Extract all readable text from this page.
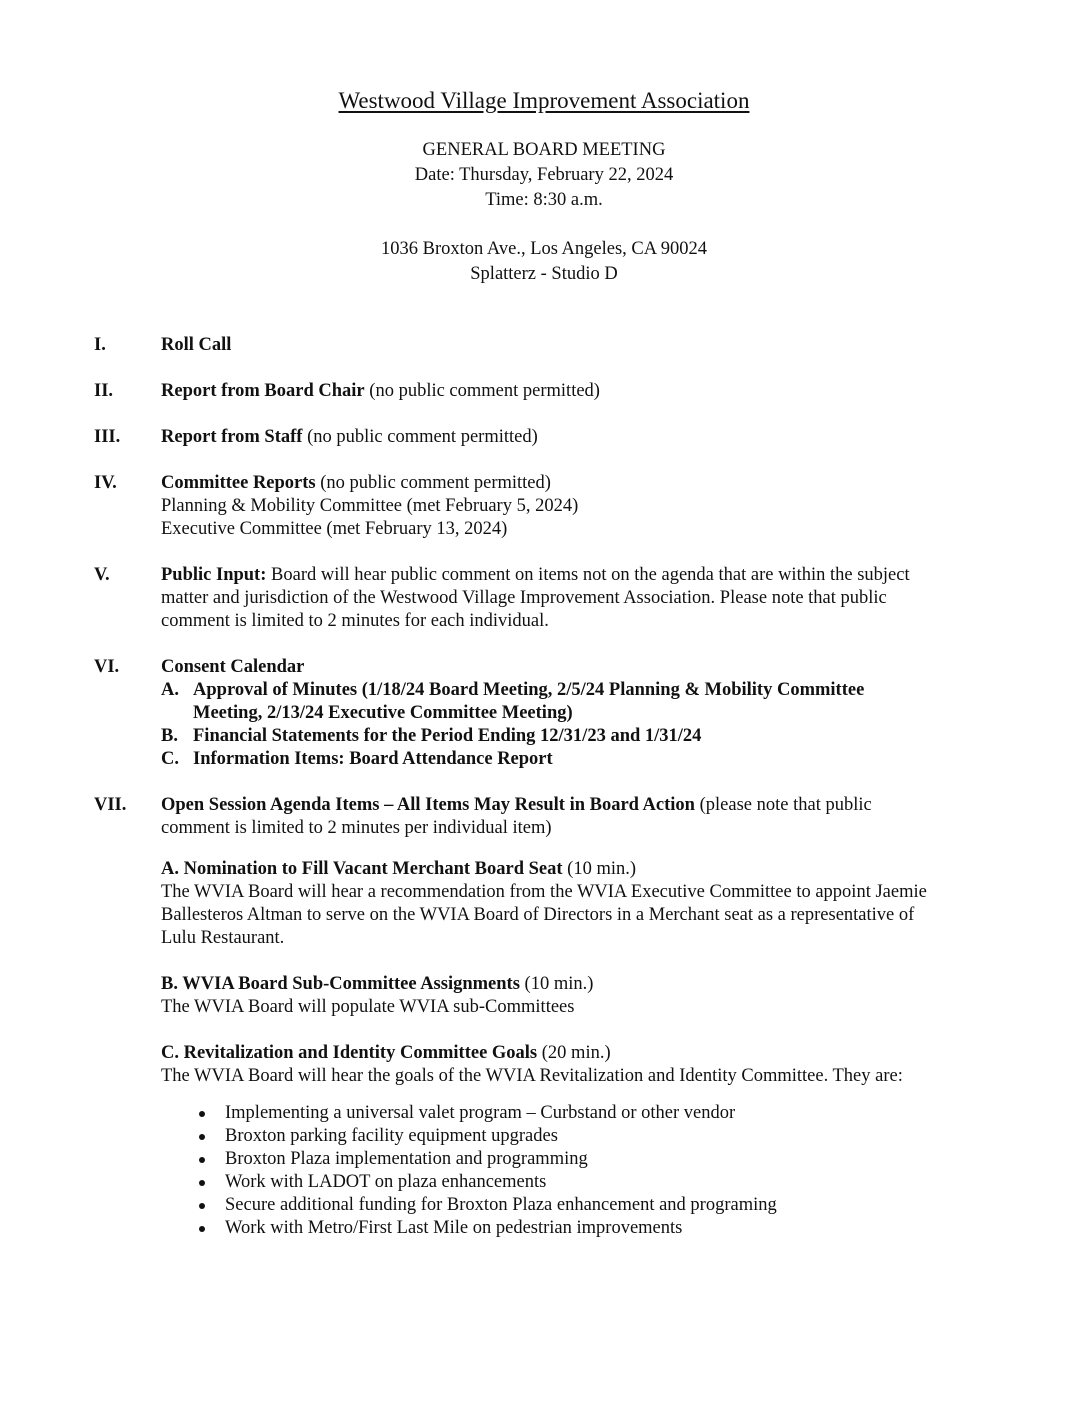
Westwood Village Improvement Association
GENERAL BOARD MEETING
Date: Thursday, February 22, 2024
Time: 8:30 a.m.
1036 Broxton Ave., Los Angeles, CA 90024
Splatterz - Studio D
I.	Roll Call
II.	Report from Board Chair (no public comment permitted)
III. Report from Staff (no public comment permitted)
IV. Committee Reports (no public comment permitted)
Planning & Mobility Committee (met February 5, 2024)
Executive Committee (met February 13, 2024)
V.	Public Input: Board will hear public comment on items not on the agenda that are within the subject
matter and jurisdiction of the Westwood Village Improvement Association. Please note that public
comment is limited to 2 minutes for each individual.
VI. Consent Calendar
A. Approval of Minutes (1/18/24 Board Meeting, 2/5/24 Planning & Mobility Committee
Meeting, 2/13/24 Executive Committee Meeting)
B. Financial Statements for the Period Ending 12/31/23 and 1/31/24
C. Information Items: Board Attendance Report
VII. Open Session Agenda Items – All Items May Result in Board Action (please note that public
comment is limited to 2 minutes per individual item)
A. Nomination to Fill Vacant Merchant Board Seat (10 min.)
The WVIA Board will hear a recommendation from the WVIA Executive Committee to appoint Jaemie
Ballesteros Altman to serve on the WVIA Board of Directors in a Merchant seat as a representative of
Lulu Restaurant.
B. WVIA Board Sub-Committee Assignments (10 min.)
The WVIA Board will populate WVIA sub-Committees
C. Revitalization and Identity Committee Goals (20 min.)
The WVIA Board will hear the goals of the WVIA Revitalization and Identity Committee. They are:
Implementing a universal valet program – Curbstand or other vendor
Broxton parking facility equipment upgrades
Broxton Plaza implementation and programming
Work with LADOT on plaza enhancements
Secure additional funding for Broxton Plaza enhancement and programing
Work with Metro/First Last Mile on pedestrian improvements
